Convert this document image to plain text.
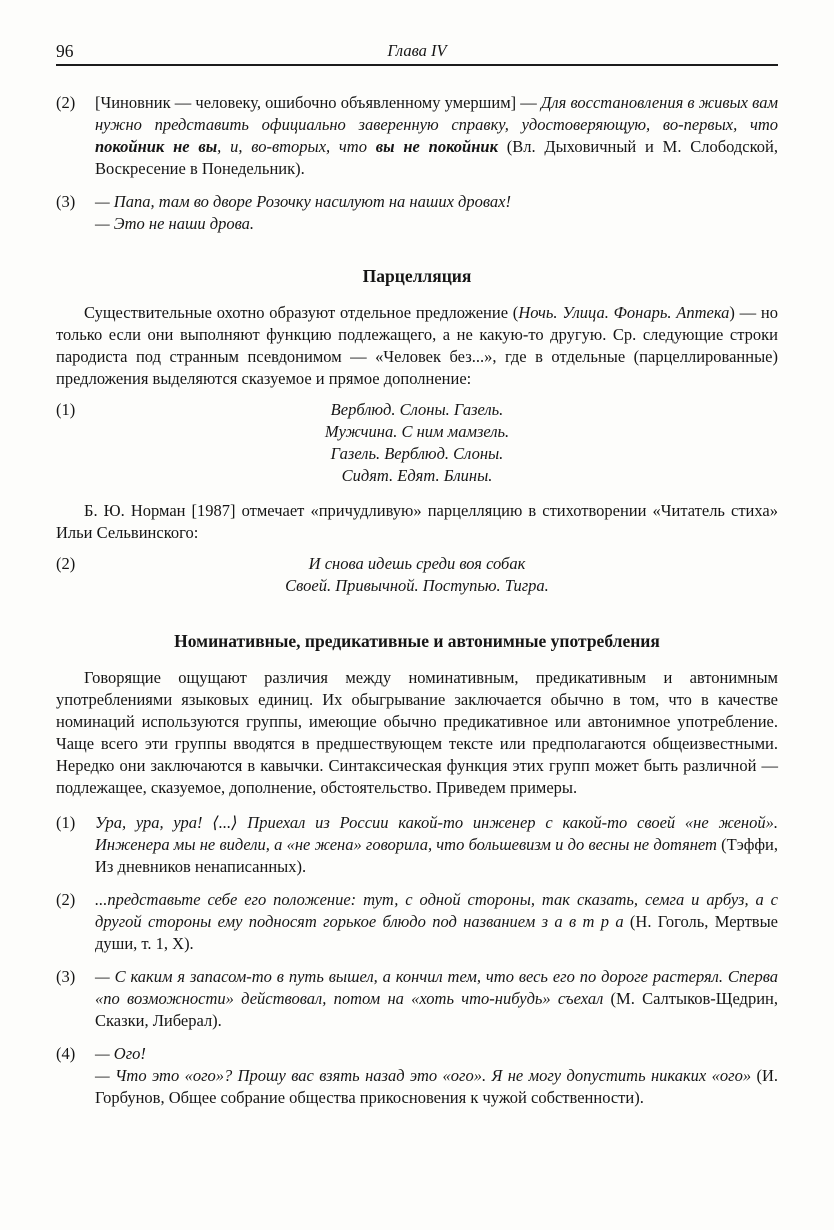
96	Глава IV
(2)	[Чиновник — человеку, ошибочно объявленному умершим] — Для восстановления в живых вам нужно представить официально заверенную справку, удостоверяющую, во-первых, что покойник не вы, и, во-вторых, что вы не покойник (Вл. Дыховичный и М. Слободской, Воскресение в Понедельник).

(3)	— Папа, там во дворе Розочку насилуют на наших дровах!

— Это не наши дрова.

Парцелляция

Существительные охотно образуют отдельное предложение (Ночь. Улица. Фонарь. Аптека) — но только если они выполняют функцию подлежащего, а не какую-то другую. Ср. следующие строки пародиста под странным псевдонимом — «Человек без...», где в отдельные (парцеллированные) предложения выделяются сказуемое и прямое дополнение:

(1)	Верблюд. Слоны. Газель.
Мужчина. С ним мамзель.
Газель. Верблюд. Слоны.
Сидят. Едят. Блины.

Б. Ю. Норман [1987] отмечает «причудливую» парцелляцию в стихотворении «Читатель стиха» Ильи Сельвинского:

(2)	И снова идешь среди воя собак
Своей. Привычной. Поступью. Тигра.
Номинативные, предикативные и автонимные употребления

Говорящие ощущают различия между номинативным, предикативным и автонимным употреблениями языковых единиц. Их обыгрывание заключается обычно в том, что в качестве номинаций используются группы, имеющие обычно предикативное или автонимное употребление. Чаще всего эти группы вводятся в предшествующем тексте или предполагаются общеизвестными. Нередко они заключаются в кавычки. Синтаксическая функция этих групп может быть различной — подлежащее, сказуемое, дополнение, обстоятельство. Приведем примеры.

(1)	Ура, ура, ура! ⟨...⟩ Приехал из России какой-то инженер с какой-то своей «не женой». Инженера мы не видели, а «не жена» говорила, что большевизм и до весны не дотянет (Тэффи, Из дневников ненаписанных).

(2)	...представьте себе его положение: тут, с одной стороны, так сказать, семга и арбуз, а с другой стороны ему подносят горькое блюдо под названием з а в т р а (Н. Гоголь, Мертвые души, т. 1, X).

(3)	— С каким я запасом-то в путь вышел, а кончил тем, что весь его по дороге растерял. Сперва «по возможности» действовал, потом на «хоть что-нибудь» съехал (М. Салтыков-Щедрин, Сказки, Либерал).

(4)	— Ого!

— Что это «ого»? Прошу вас взять назад это «ого». Я не могу допустить никаких «ого» (И. Горбунов, Общее собрание общества прикосновения к чужой собственности).
